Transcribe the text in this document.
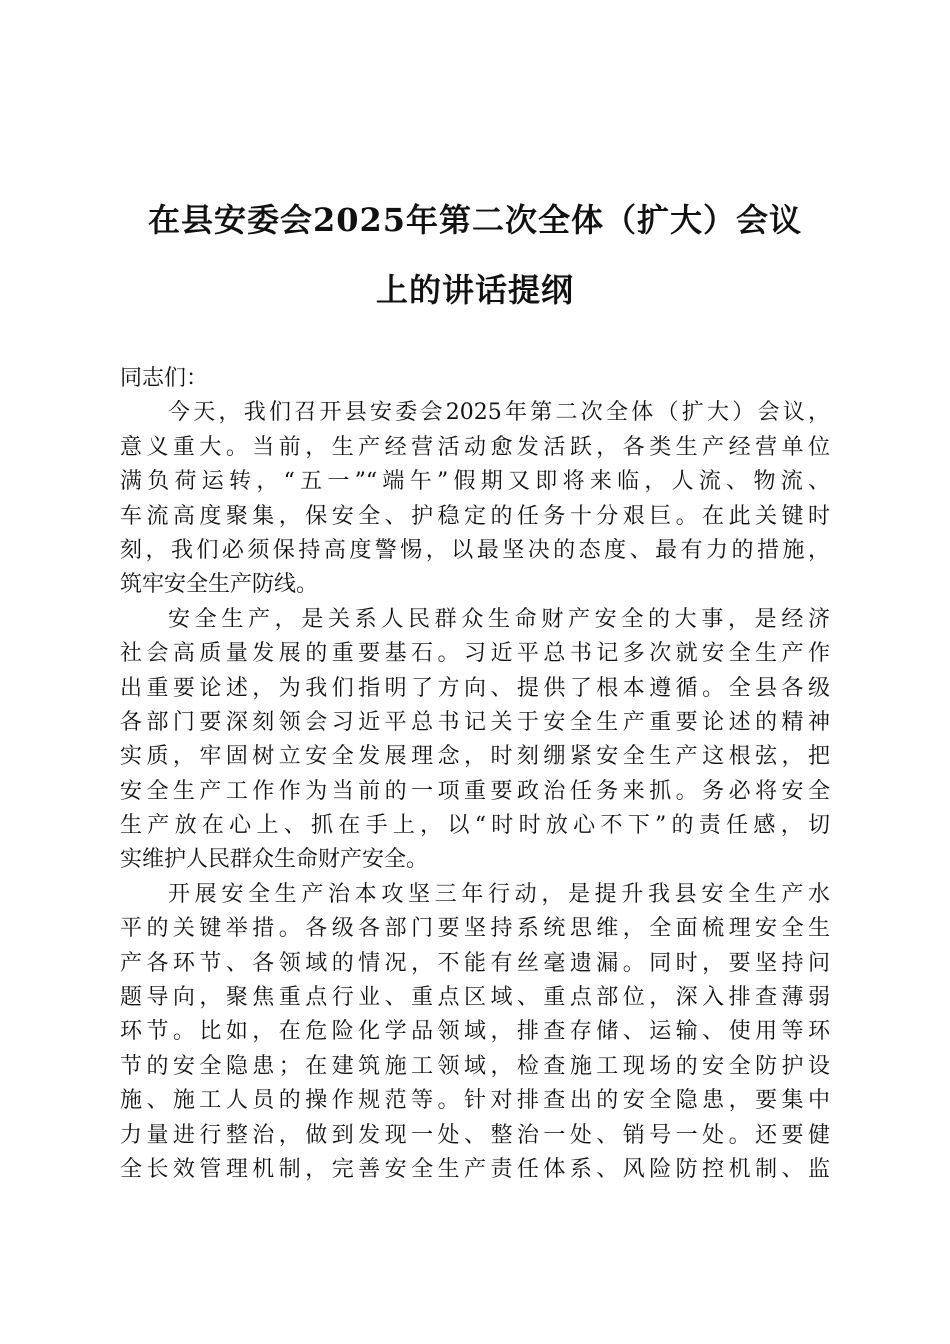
在县安委会2025年第二次全体（扩大）会议
上的讲话提纲
同志们：
今天，我们召开县安委会2025年第二次全体（扩大）会议，
意义重大。当前，生产经营活动愈发活跃，各类生产经营单位
满负荷运转，“五一”“端午”假期又即将来临，人流、物流、
车流高度聚集，保安全、护稳定的任务十分艰巨。在此关键时
刻，我们必须保持高度警惕，以最坚决的态度、最有力的措施，
筑牢安全生产防线。
安全生产，是关系人民群众生命财产安全的大事，是经济
社会高质量发展的重要基石。习近平总书记多次就安全生产作
出重要论述，为我们指明了方向、提供了根本遵循。全县各级
各部门要深刻领会习近平总书记关于安全生产重要论述的精神
实质，牢固树立安全发展理念，时刻绷紧安全生产这根弦，把
安全生产工作作为当前的一项重要政治任务来抓。务必将安全
生产放在心上、抓在手上，以“时时放心不下”的责任感，切
实维护人民群众生命财产安全。
开展安全生产治本攻坚三年行动，是提升我县安全生产水
平的关键举措。各级各部门要坚持系统思维，全面梳理安全生
产各环节、各领域的情况，不能有丝毫遗漏。同时，要坚持问
题导向，聚焦重点行业、重点区域、重点部位，深入排查薄弱
环节。比如，在危险化学品领域，排查存储、运输、使用等环
节的安全隐患；在建筑施工领域，检查施工现场的安全防护设
施、施工人员的操作规范等。针对排查出的安全隐患，要集中
力量进行整治，做到发现一处、整治一处、销号一处。还要健
全长效管理机制，完善安全生产责任体系、风险防控机制、监
